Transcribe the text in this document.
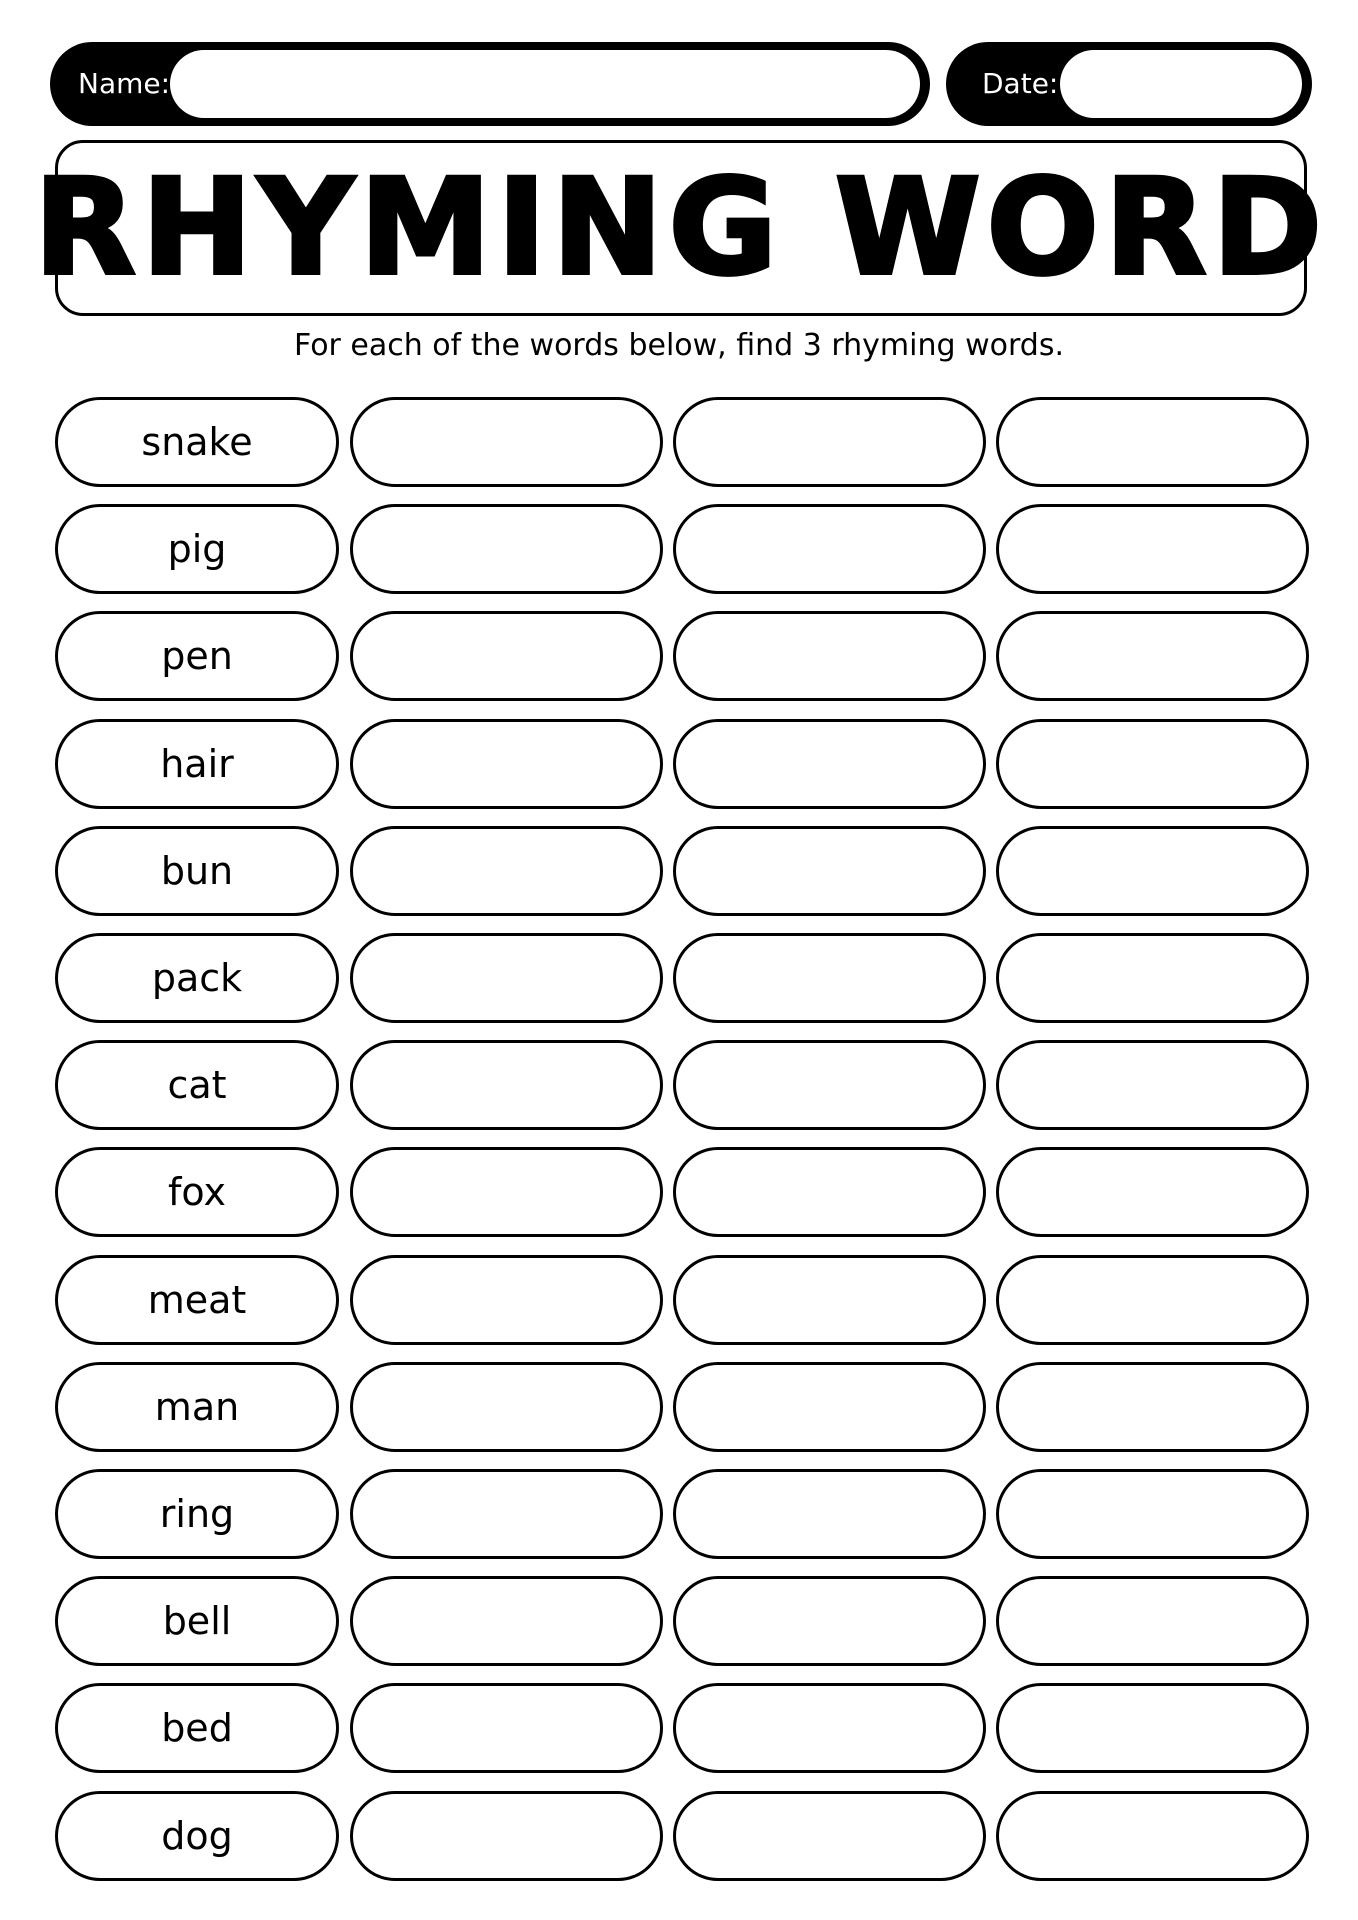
Name:	Date:
RHYMING WORD
For each of the words below, find 3 rhyming words.
snake
pig
pen
hair
bun
pack
cat
fox
meat
man
ring
bell
bed
dog
